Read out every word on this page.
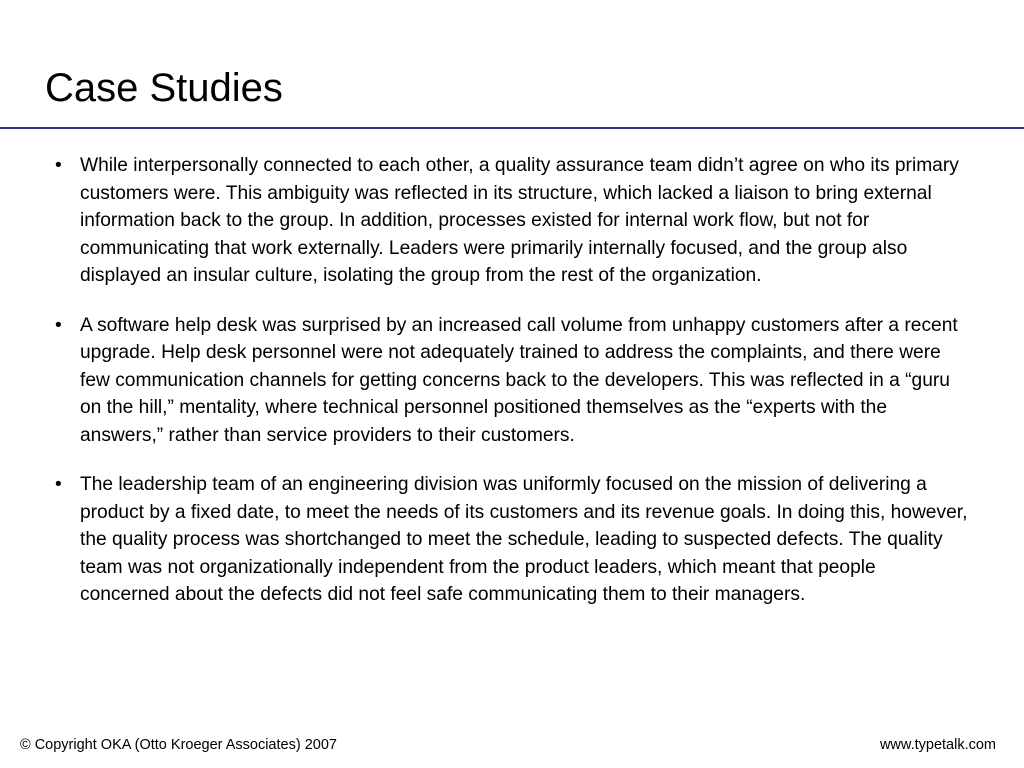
Case Studies
• While interpersonally connected to each other, a quality assurance team didn’t agree on who its primary customers were. This ambiguity was reflected in its structure, which lacked a liaison to bring external information back to the group. In addition, processes existed for internal work flow, but not for communicating that work externally. Leaders were primarily internally focused, and the group also displayed an insular culture, isolating the group from the rest of the organization.
• A software help desk was surprised by an increased call volume from unhappy customers after a recent upgrade. Help desk personnel were not adequately trained to address the complaints, and there were few communication channels for getting concerns back to the developers. This was reflected in a “guru on the hill,” mentality, where technical personnel positioned themselves as the “experts with the answers,” rather than service providers to their customers.
• The leadership team of an engineering division was uniformly focused on the mission of delivering a product by a fixed date, to meet the needs of its customers and its revenue goals. In doing this, however, the quality process was shortchanged to meet the schedule, leading to suspected defects. The quality team was not organizationally independent from the product leaders, which meant that people concerned about the defects did not feel safe communicating them to their managers.
© Copyright OKA (Otto Kroeger Associates) 2007	www.typetalk.com
